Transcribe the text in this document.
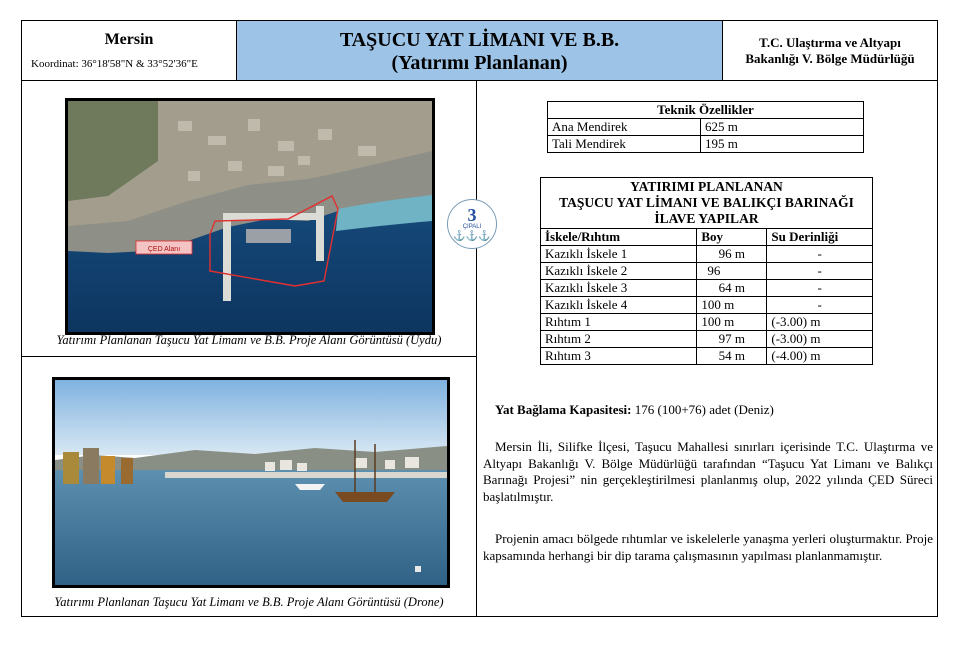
Mersin
Koordinat: 36°18'58"N & 33°52'36"E
TAŞUCU YAT LİMANI VE B.B.
(Yatırımı Planlanan)
T.C. Ulaştırma ve Altyapı
Bakanlığı V. Bölge Müdürlüğü
ÇED Alanı
Yatırımı Planlanan Taşucu Yat Limanı ve B.B. Proje Alanı Görüntüsü (Uydu)
Yatırımı Planlanan Taşucu Yat Limanı ve B.B. Proje Alanı Görüntüsü (Drone)
3
ÇIPALI
⚓⚓⚓
Teknik Özellikler	
Ana Mendirek	625 m
Tali Mendirek	195 m
YATIRIMI PLANLANAN
TAŞUCU YAT LİMANI VE BALIKÇI BARINAĞI
İLAVE YAPILAR		

İskele/Rıhtım	Boy	Su Derinliği
Kazıklı İskele 1	96 m	-
Kazıklı İskele 2	96	-
Kazıklı İskele 3	64 m	-
Kazıklı İskele 4	100 m	-
Rıhtım 1	100 m	(-3.00) m
Rıhtım 2	97 m	(-3.00) m
Rıhtım 3	54 m	(-4.00) m
Yat Bağlama Kapasitesi: 176 (100+76) adet (Deniz)
Mersin İli, Silifke İlçesi, Taşucu Mahallesi sınırları içerisinde T.C. Ulaştırma ve Altyapı Bakanlığı V. Bölge Müdürlüğü tarafından “Taşucu Yat Limanı ve Balıkçı Barınağı Projesi” nin gerçekleştirilmesi planlanmış olup, 2022 yılında ÇED Süreci başlatılmıştır.
Projenin amacı bölgede rıhtımlar ve iskelelerle yanaşma yerleri oluşturmaktır. Proje kapsamında herhangi bir dip tarama çalışmasının yapılması planlanmamıştır.
